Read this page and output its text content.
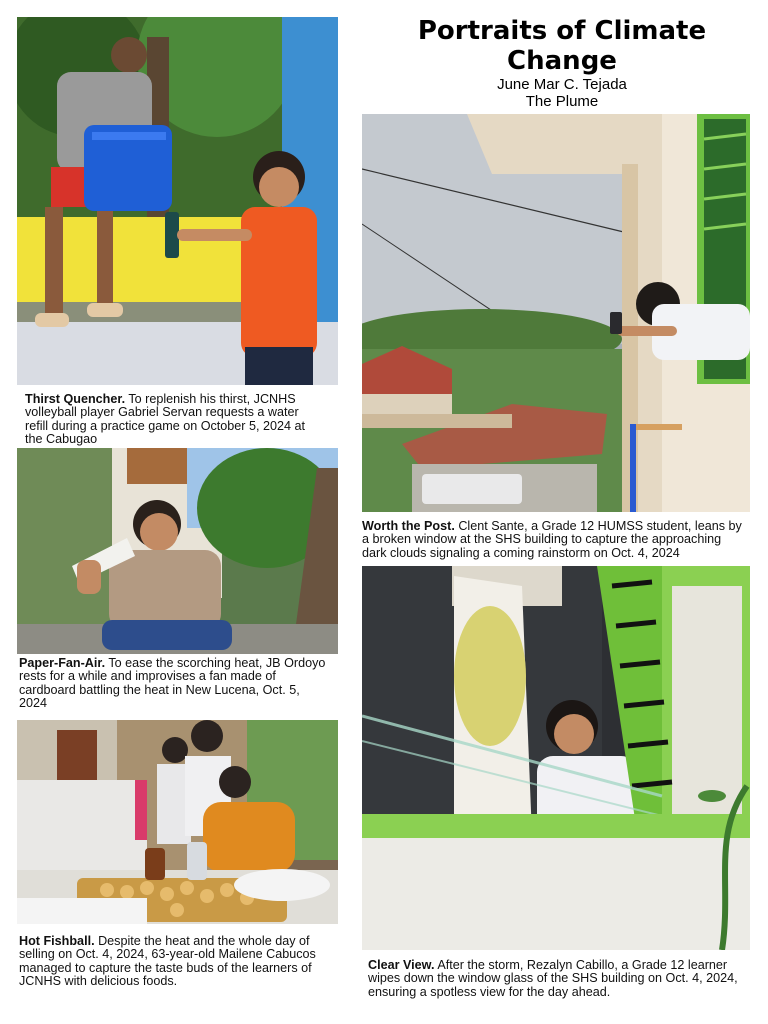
Portraits of Climate Change
June Mar C. Tejada
The Plume
Thirst Quencher. To replenish his thirst, JCNHS volleyball player Gabriel Servan requests a water refill during a practice game on October 5, 2024 at the Cabugao
Paper-Fan-Air. To ease the scorching heat, JB Ordoyo rests for a while and improvises a fan made of cardboard battling the heat in New Lucena, Oct. 5, 2024
Hot Fishball. Despite the heat and the whole day of selling on Oct. 4, 2024, 63-year-old Mailene Cabucos managed to capture the taste buds of the learners of JCNHS with delicious foods.
Worth the Post. Clent Sante, a Grade 12 HUMSS student, leans by a broken window at the SHS building to capture the approaching dark clouds signaling a coming rainstorm on Oct. 4, 2024
Clear View. After the storm, Rezalyn Cabillo, a Grade 12 learner wipes down the window glass of the SHS building on Oct. 4, 2024, ensuring a spotless view for the day ahead.
